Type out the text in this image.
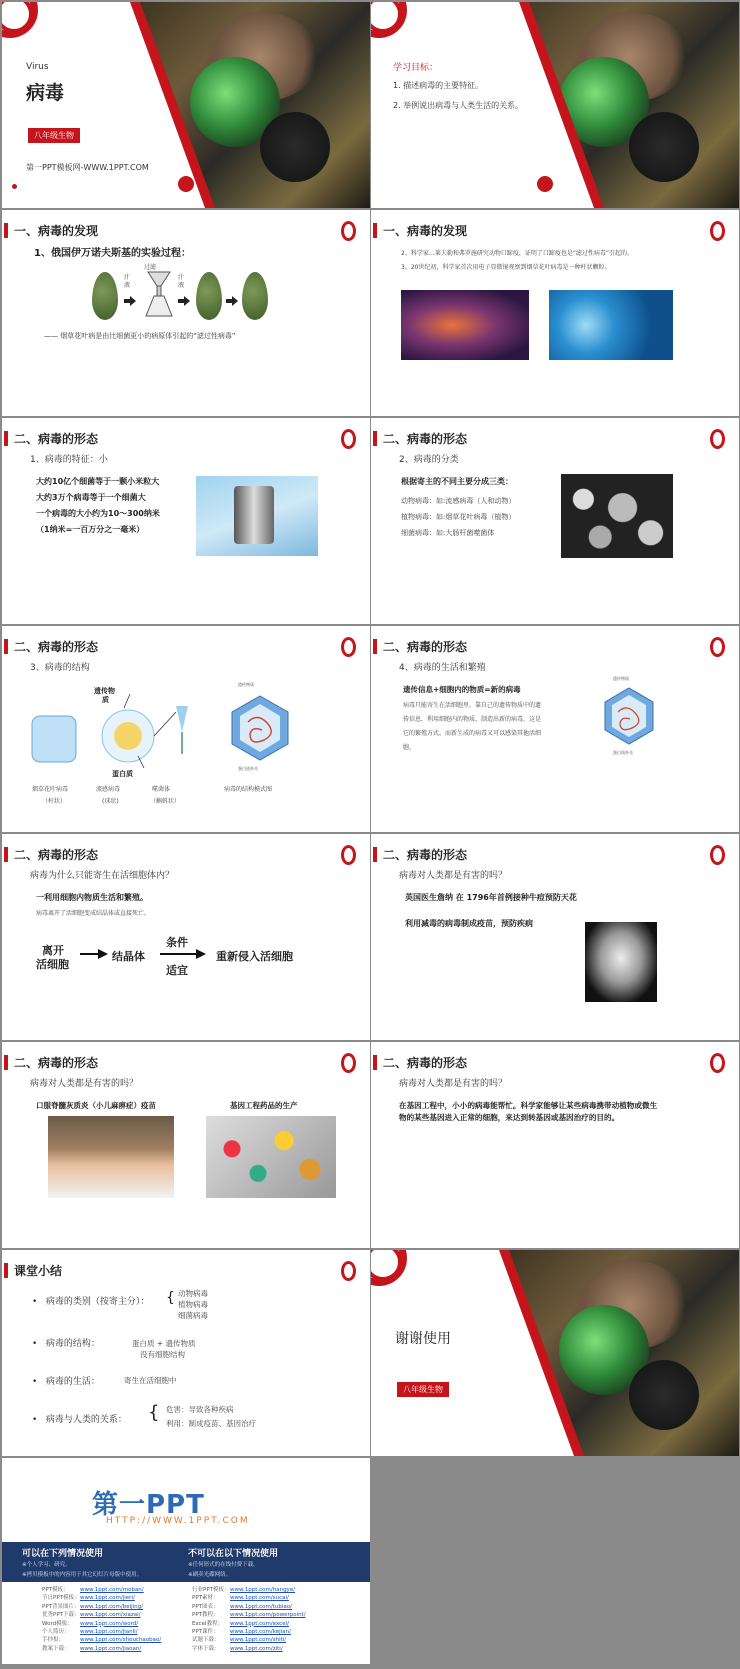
Virus
病毒
八年级生物
第一PPT模板网-WWW.1PPT.COM
学习目标：
1. 描述病毒的主要特征。
2. 举例说出病毒与人类生活的关系。
一、病毒的发现
1、俄国伊万诺夫斯基的实验过程：
汁液
过滤
汁液
—— 烟草花叶病是由比细菌更小的病原体引起的“滤过性病毒”
一、病毒的发现
2、科学家…莱夫勒和弗罗施研究动物口蹄疫，证明了口蹄疫也是“滤过性病毒”引起的。
3、20世纪初，科学家首次用电子显微镜观察到烟草花叶病毒是一种杆状颗粒。
二、病毒的形态
1、病毒的特征：小
大约10亿个细菌等于一颗小米粒大
大约3万个病毒等于一个细菌大
一个病毒的大小约为10～300纳米
（1纳米=一百万分之一毫米）
二、病毒的形态
2、病毒的分类
根据寄主的不同主要分成三类：
动物病毒：如:流感病毒（人和动物）
植物病毒：如:烟草花叶病毒（植物）
细菌病毒：如:大肠杆菌噬菌体
二、病毒的形态
3、病毒的结构
遗传物
质
蛋白质
烟草花叶病毒
（杆状）
流感病毒
(球状)
噬菌体
（蝌蚪状）
遗传物质
蛋白质外壳
病毒的结构模式图
二、病毒的形态
4、病毒的生活和繁殖
遗传信息+细胞内的物质=新的病毒
病毒只能寄生在活细胞里，靠自己的遗传物质中的遗
传信息，利用细胞内的物质，制造出新的病毒，这是
它的繁殖方式。而新生成的病毒又可以感染其他活细
胞。
遗传物质
蛋白质外壳
二、病毒的形态
病毒为什么只能寄生在活细胞体内？
一利用细胞内物质生活和繁殖。
病毒离开了活细胞变成结晶体或直接死亡。
离开
活细胞
结晶体
条件
适宜
重新侵入活细胞
二、病毒的形态
病毒对人类都是有害的吗？
英国医生詹纳 在 1796年首例接种牛痘预防天花
利用减毒的病毒制成疫苗，预防疾病
二、病毒的形态
病毒对人类都是有害的吗？
口服脊髓灰质炎（小儿麻痹症）疫苗	基因工程药品的生产
二、病毒的形态
病毒对人类都是有害的吗？
在基因工程中，小小的病毒能帮忙。科学家能够让某些病毒携带动植物或微生
物的某些基因进入正常的细胞，来达到转基因或基因治疗的目的。
课堂小结
•   病毒的类别（按寄主分）： { 动物病毒
植物病毒
细菌病毒
•   病毒的结构：	蛋白质 + 遗传物质
没有细胞结构
•   病毒的生活：	寄生在活细胞中
•   病毒与人类的关系： { 危害：导致各种疾病
利用：制成疫苗、基因治疗
谢谢使用
八年级生物
第一PPT
HTTP://WWW.1PPT.COM
可以在下列情况使用
※个人学习、研究。
※拷贝模板中的内容用于其它幻灯片母版中使用。
不可以在以下情况使用
※任何形式的在线付费下载。
※刷卖光碟网络。
PPT模板： www.1ppt.com/moban/
节日PPT模板：www.1ppt.com/jieri/
PPT背景图片：www.1ppt.com/beijing/
优秀PPT下载：www.1ppt.com/xiazai/
Word模板： www.1ppt.com/word/
个人简历： www.1ppt.com/jianli/
手抄报：	www.1ppt.com/shouchaobao/
教案下载： www.1ppt.com/jiaoan/
行业PPT模板：www.1ppt.com/hangye/
PPT素材： www.1ppt.com/sucai/
PPT图表： www.1ppt.com/tubiao/
PPT教程： www.1ppt.com/powerpoint/
Excel教程： www.1ppt.com/excel/
PPT课件： www.1ppt.com/kejian/
试题下载： www.1ppt.com/shiti/
字体下载： www.1ppt.com/ziti/
